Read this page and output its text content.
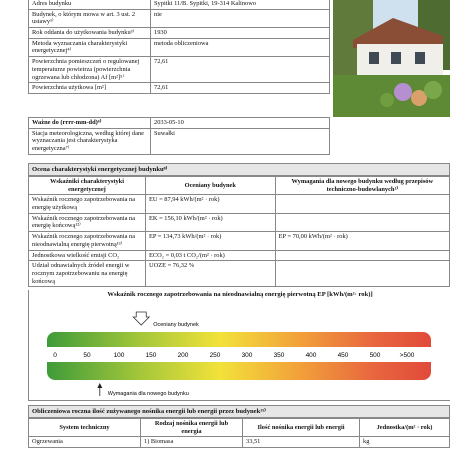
Adres budynku	Sypitki 11/B. Sypitki, 19-314 Kalinowo
Budynek, o którym mowa w art. 3 ust. 2 ustawy¹⁾	nie
Rok oddania do użytkowania budynku³⁾	1930
Metoda wyznaczania charakterystyki energetycznej⁴⁾	metoda obliczeniowa
Powierzchnia pomieszczeń o regulowanej temperaturze powietrza (powierzchnia ogrzewana lub chłodzona) Af [m²]⁵⁾	72,61
Powierzchnia użytkowa [m²]	72,61
Ważne do (rrrr-mm-dd)⁶⁾	2033-05-10
Stacja meteorologiczna, według której dane wyznaczania jest charakterystyka energetyczna⁷⁾	Suwałki
Ocena charakterystyki energetycznej budynku⁸⁾
Wskaźniki charakterystyki energetycznej	Oceniany budynek	Wymagania dla nowego budynku według przepisów techniczno-budowlanych¹⁾
Wskaźnik rocznego zapotrzebowania na energię użytkową	EU = 87,94 kWh/(m² · rok)	
Wskaźnik rocznego zapotrzebowania na energię końcową¹²⁾	EK = 156,10 kWh/(m² · rok)	
Wskaźnik rocznego zapotrzebowania na nieodnawialną energię pierwotną¹³⁾	EP = 134,73 kWh/(m² · rok)	EP = 70,00 kWh/(m² · rok)
Jednostkowa wielkość emisji CO₂	ECO₂ = 0,03 t CO₂/(m² · rok)	
Udział odnawialnych źródeł energii w rocznym zapotrzebowaniu na energię końcową	UOZE = 76,32 %	
Wskaźnik rocznego zapotrzebowania na nieodnawialną energię pierwotną EP [kWh/(m²· rok)]
0	50	100	150	200	250	300	350	400	450	500	>500
Oceniany budynek
Wymagania dla nowego budynku
Obliczeniowa roczna ilość zużywanego nośnika energii lub energii przez budynek¹⁵⁾
System techniczny	Rodzaj nośnika energii lub energia	Ilość nośnika energii lub energii	Jednostka/(m² · rok)
Ogrzewania	1) Biomasa	33,51	kg
